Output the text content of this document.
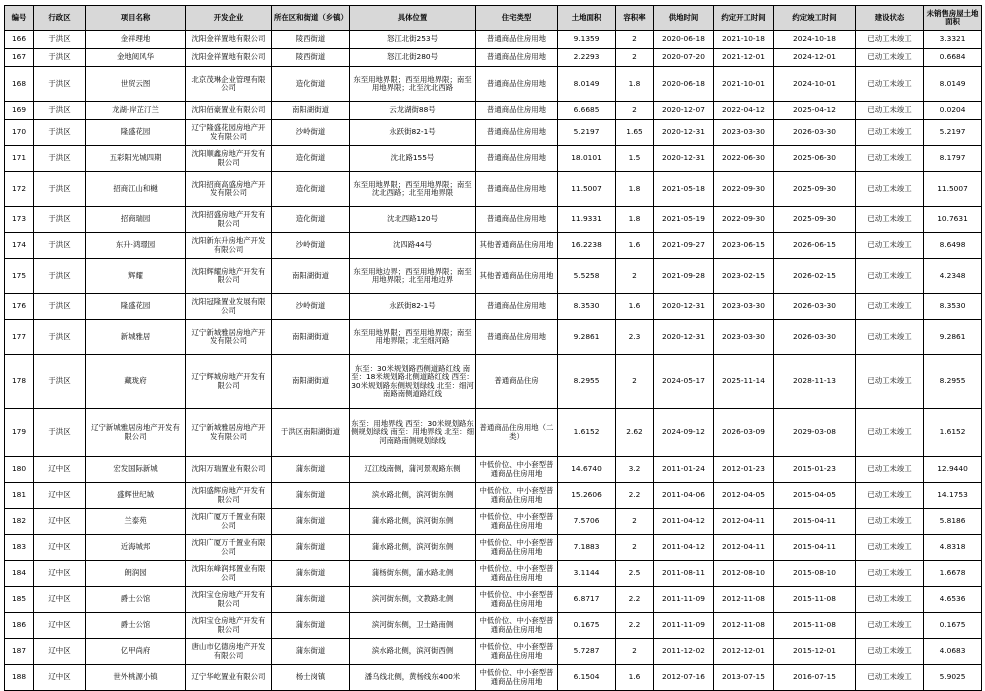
编号	行政区	项目名称	开发企业	所在区和街道（乡镇）	具体位置	住宅类型	土地面积	容积率	供地时间	约定开工时间	约定竣工时间	建设状态	未销售房屋土地面积
166	于洪区	金祥理地	沈阳金祥置地有限公司	陵西街道	怒江北街253号	普通商品住房用地	9.1359	2	2020-06-18	2021-10-18	2024-10-18	已动工未竣工	3.3321
167	于洪区	金地阅风华	沈阳金祥置地有限公司	陵西街道	怒江北街280号	普通商品住房用地	2.2293	2	2020-07-20	2021-12-01	2024-12-01	已动工未竣工	0.6684
168	于洪区	世贸云图	北京茂琳企业管理有限公司	造化街道	东至用地界限；西至用地界限；南至用地界限；北至沈北西路	普通商品住房用地	8.0149	1.8	2020-06-18	2021-10-01	2024-10-01	已动工未竣工	8.0149
169	于洪区	龙湖·岸芷汀兰	沈阳佰豪置业有限公司	南阳湖街道	云龙湖街88号	普通商品住房用地	6.6685	2	2020-12-07	2022-04-12	2025-04-12	已动工未竣工	0.0204
170	于洪区	隆盛花园	辽宁隆盛花园房地产开发有限公司	沙岭街道	永跃街82-1号	普通商品住房用地	5.2197	1.65	2020-12-31	2023-03-30	2026-03-30	已动工未竣工	5.2197
171	于洪区	五彩阳光城四期	沈阳顺鑫房地产开发有限公司	造化街道	沈北路155号	普通商品住房用地	18.0101	1.5	2020-12-31	2022-06-30	2025-06-30	已动工未竣工	8.1797
172	于洪区	招商江山和樾	沈阳招商高盛房地产开发有限公司	造化街道	东至用地界限；西至用地界限；南至沈北西路；北至用地界限	普通商品住房用地	11.5007	1.8	2021-05-18	2022-09-30	2025-09-30	已动工未竣工	11.5007
173	于洪区	招商瑞园	沈阳招盛房地产开发有限公司	造化街道	沈北西路120号	普通商品住房用地	11.9331	1.8	2021-05-19	2022-09-30	2025-09-30	已动工未竣工	10.7631
174	于洪区	东升·鸿璟园	沈阳新东升房地产开发有限公司	沙岭街道	沈四路44号	其他普通商品住房用地	16.2238	1.6	2021-09-27	2023-06-15	2026-06-15	已动工未竣工	8.6498
175	于洪区	辉耀	沈阳辉耀房地产开发有限公司	南阳湖街道	东至用地边界；西至用地界限；南至用地界限；北至用地边界	其他普通商品住房用地	5.5258	2	2021-09-28	2023-02-15	2026-02-15	已动工未竣工	4.2348
176	于洪区	隆盛花园	沈阳冠隆置业发展有限公司	沙岭街道	永跃街82-1号	普通商品住房用地	8.3530	1.6	2020-12-31	2023-03-30	2026-03-30	已动工未竣工	8.3530
177	于洪区	新城雅居	辽宁新城雅居房地产开发有限公司	南阳湖街道	东至用地界限；西至用地界限；南至用地界限；北至细河路	普通商品住房用地	9.2861	2.3	2020-12-31	2023-03-30	2026-03-30	已动工未竣工	9.2861
178	于洪区	藏珑府	辽宁辉城房地产开发有限公司	南阳湖街道	东至：30米规划路西侧道路红线 南至：18米规划路北侧道路红线 西至：30米规划路东侧规划绿线 北至：细河南路南侧道路红线	普通商品住房	8.2955	2	2024-05-17	2025-11-14	2028-11-13	已动工未竣工	8.2955
179	于洪区	辽宁新城雅居房地产开发有限公司	辽宁新城雅居房地产开发有限公司	于洪区南阳湖街道	东至：用地界线 西至：30米规划路东侧规划绿线 南至：用地界线 北至：细河南路南侧规划绿线	普通商品住房用地（二类）	1.6152	2.62	2024-09-12	2026-03-09	2029-03-08	已动工未竣工	1.6152
180	辽中区	宏发国际新城	沈阳万瑞置业有限公司	蒲东街道	辽江线南侧，蒲河景观路东侧	中低价位、中小套型普通商品住房用地	14.6740	3.2	2011-01-24	2012-01-23	2015-01-23	已动工未竣工	12.9440
181	辽中区	盛辉世纪城	沈阳盛辉房地产开发有限公司	蒲东街道	滨水路北侧，滨河街东侧	中低价位、中小套型普通商品住房用地	15.2606	2.2	2011-04-06	2012-04-05	2015-04-05	已动工未竣工	14.1753
182	辽中区	兰泰苑	沈阳广厦万千置业有限公司	蒲东街道	蒲水路北侧，滨河街东侧	中低价位、中小套型普通商品住房用地	7.5706	2	2011-04-12	2012-04-11	2015-04-11	已动工未竣工	5.8186
183	辽中区	近海城邦	沈阳广厦万千置业有限公司	蒲东街道	蒲水路北侧，滨河街东侧	中低价位、中小套型普通商品住房用地	7.1883	2	2011-04-12	2012-04-11	2015-04-11	已动工未竣工	4.8318
184	辽中区	朗润园	沈阳东峰润邦置业有限公司	蒲东街道	蒲杨街东侧，蒲水路北侧	中低价位、中小套型普通商品住房用地	3.1144	2.5	2011-08-11	2012-08-10	2015-08-10	已动工未竣工	1.6678
185	辽中区	爵士公馆	沈阳宝仓房地产开发有限公司	蒲东街道	滨河街东侧，文教路北侧	中低价位、中小套型普通商品住房用地	6.8717	2.2	2011-11-09	2012-11-08	2015-11-08	已动工未竣工	4.6536
186	辽中区	爵士公馆	沈阳宝仓房地产开发有限公司	蒲东街道	滨河街东侧，卫士路南侧	中低价位、中小套型普通商品住房用地	0.1675	2.2	2011-11-09	2012-11-08	2015-11-08	已动工未竣工	0.1675
187	辽中区	亿甲尚府	唐山市亿德房地产开发有限公司	蒲东街道	滨水路北侧，滨河街西侧	中低价位、中小套型普通商品住房用地	5.7287	2	2011-12-02	2012-12-01	2015-12-01	已动工未竣工	4.0683
188	辽中区	世外桃源小镇	辽宁华屹置业有限公司	杨士岗镇	潘乌线北侧，黄杨线东400米	中低价位、中小套型普通商品住房用地	6.1504	1.6	2012-07-16	2013-07-15	2016-07-15	已动工未竣工	5.9025
